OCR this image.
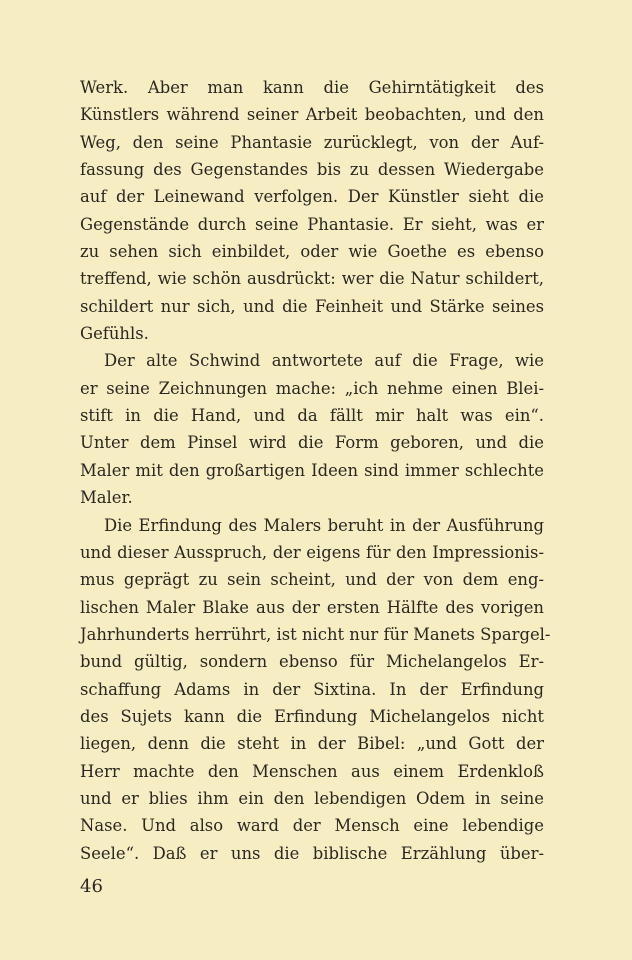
Werk. Aber man kann die Gehirntätigkeit des
Künstlers während seiner Arbeit beobachten, und den
Weg, den seine Phantasie zurücklegt, von der Auf-
fassung des Gegenstandes bis zu dessen Wiedergabe
auf der Leinewand verfolgen. Der Künstler sieht die
Gegenstände durch seine Phantasie. Er sieht, was er
zu sehen sich einbildet, oder wie Goethe es ebenso
treffend, wie schön ausdrückt: wer die Natur schildert,
schildert nur sich, und die Feinheit und Stärke seines
Gefühls.
Der alte Schwind antwortete auf die Frage, wie
er seine Zeichnungen mache: „ich nehme einen Blei-
stift in die Hand, und da fällt mir halt was ein“.
Unter dem Pinsel wird die Form geboren, und die
Maler mit den großartigen Ideen sind immer schlechte
Maler.
Die Erfindung des Malers beruht in der Ausführung
und dieser Ausspruch, der eigens für den Impressionis-
mus geprägt zu sein scheint, und der von dem eng-
lischen Maler Blake aus der ersten Hälfte des vorigen
Jahrhunderts herrührt, ist nicht nur für Manets Spargel-
bund gültig, sondern ebenso für Michelangelos Er-
schaffung Adams in der Sixtina. In der Erfindung
des Sujets kann die Erfindung Michelangelos nicht
liegen, denn die steht in der Bibel: „und Gott der
Herr machte den Menschen aus einem Erdenkloß
und er blies ihm ein den lebendigen Odem in seine
Nase. Und also ward der Mensch eine lebendige
Seele“. Daß er uns die biblische Erzählung über-
46
